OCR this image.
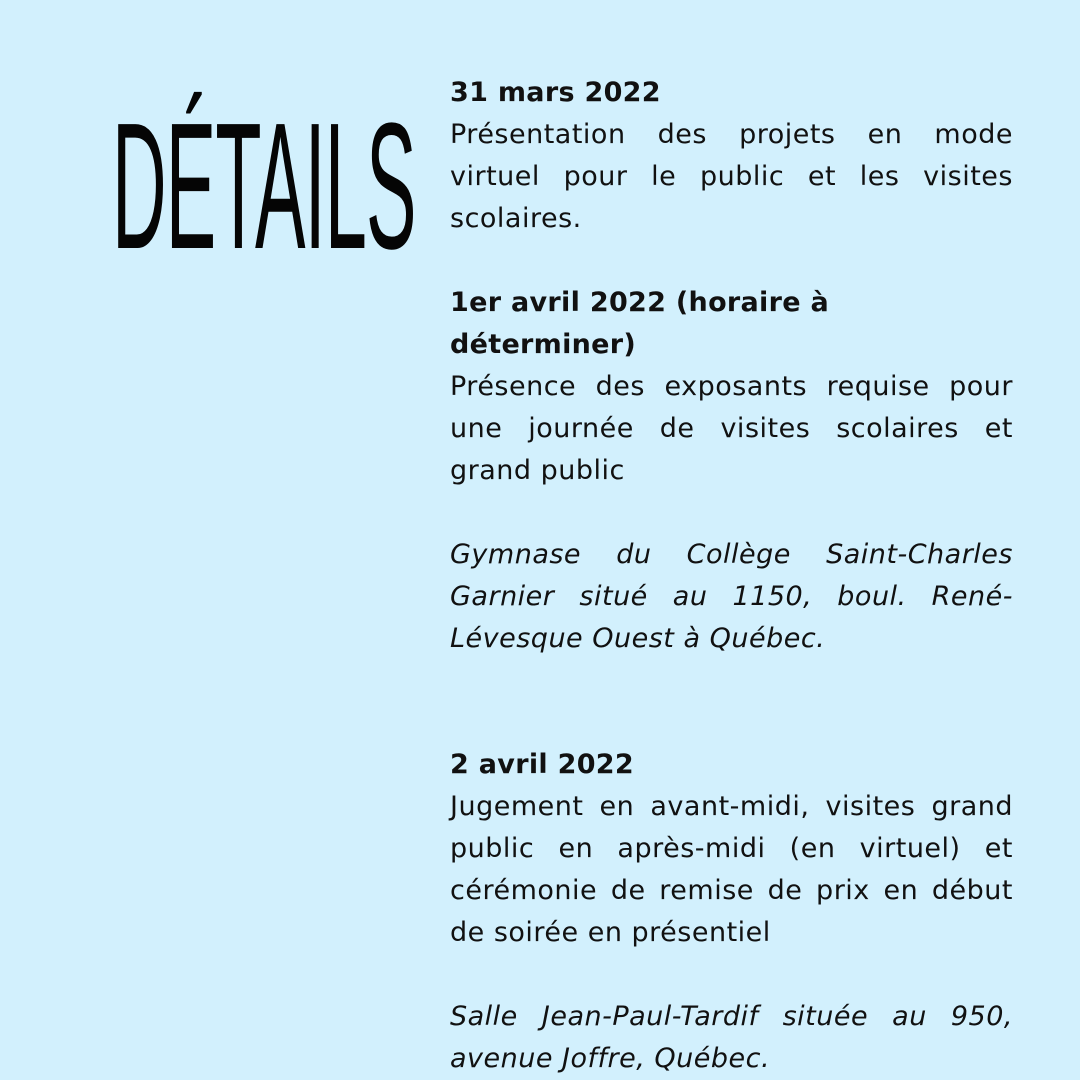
DÉTAILS 31 mars 2022

Présentation des projets en mode virtuel pour le public et les visites scolaires.

1er avril 2022 (horaire à déterminer)

Présence des exposants requise pour une journée de visites scolaires et grand public

Gymnase du Collège Saint-Charles Garnier situé au 1150, boul. René-Lévesque Ouest à Québec.

2 avril 2022

Jugement en avant-midi, visites grand public en après-midi (en virtuel) et cérémonie de remise de prix en début de soirée en présentiel

Salle Jean-Paul-Tardif située au 950, avenue Joffre, Québec.
